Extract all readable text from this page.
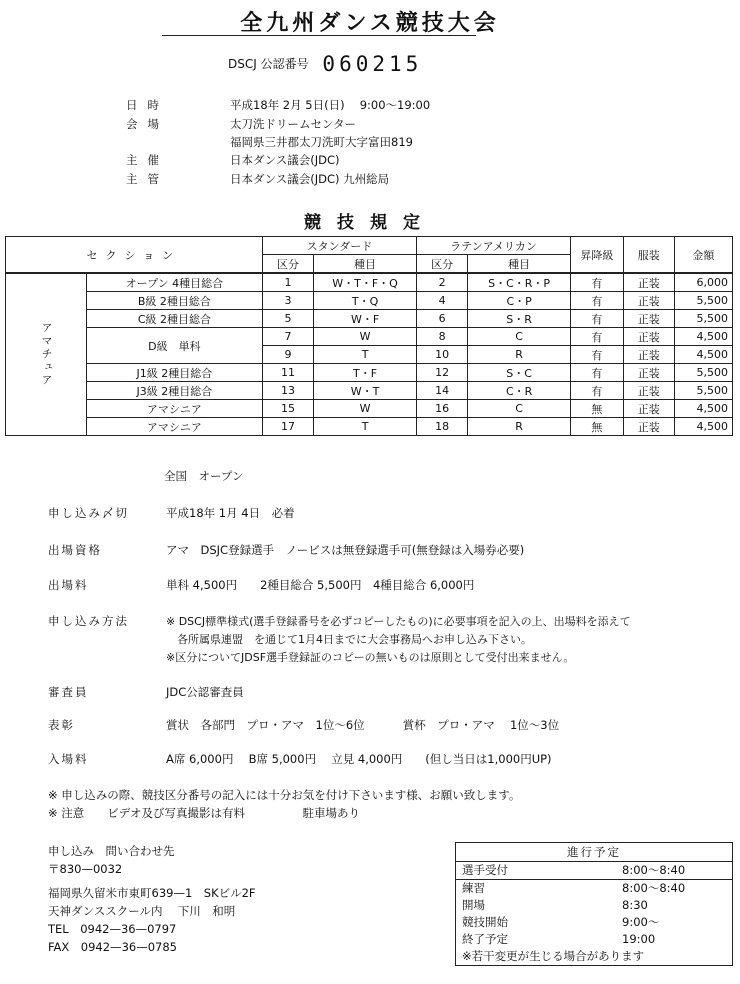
全九州ダンス競技大会
DSCJ 公認番号 060215
日時	平成18年 2月 5日(日)　 9:00～19:00
会場	太刀洗ドリームセンター
福岡県三井郡太刀洗町大字富田819
主催	日本ダンス議会(JDC)
主管	日本ダンス議会(JDC) 九州総局
競技規定
セクション		スタンダード		ラテンアメリカン		昇降級	服装	金額
		区分	種目	区分	種目			
アマチュア	オープン 4種目総合	1	W・T・F・Q	2	S・C・R・P	有	正装	6,000
	B級 2種目総合	3	T・Q	4	C・P	有	正装	5,500
	C級 2種目総合	5	W・F	6	S・R	有	正装	5,500
	D級　単科	7	W	8	C	有	正装	4,500
		9	T	10	R	有	正装	4,500
	J1級 2種目総合	11	T・F	12	S・C	有	正装	5,500
	J3級 2種目総合	13	W・T	14	C・R	有	正装	5,500
	アマシニア	15	W	16	C	無	正装	4,500
	アマシニア	17	T	18	R	無	正装	4,500
全国　オープン
申し込み〆切	平成18年 1月 4日　必着
出場資格	アマ　DSJC登録選手　ノービスは無登録選手可(無登録は入場券必要)
出場料	単科 4,500円　　2種目総合 5,500円　4種目総合 6,000円
申し込み方法	※ DSCJ標準様式(選手登録番号を必ずコピーしたもの)に必要事項を記入の上、出場料を添えて
　各所属県連盟　を通じて1月4日までに大会事務局へお申し込み下さい。
※区分についてJDSF選手登録証のコピーの無いものは原則として受付出来ません。
審査員	JDC公認審査員
表彰	賞状　各部門　プロ・アマ　1位～6位　　　 賞杯　プロ・アマ　 1位～3位
入場料	A席 6,000円　 B席 5,000円　 立見 4,000円　　(但し当日は1,000円UP)
※ 申し込みの際、競技区分番号の記入には十分お気を付け下さいます様、お願い致します。
※ 注意　　ビデオ及び写真撮影は有料　　　　　駐車場あり
申し込み　問い合わせ先
〒830—0032
福岡県久留米市東町639—1　SKビル2F
天神ダンススクール内　 下川　和明
TEL　0942—36—0797
FAX　0942—36—0785
進行予定
選手受付	8:00～8:40
練習	8:00～8:40
開場	8:30
競技開始	9:00～
終了予定	19:00
※若干変更が生じる場合があります
